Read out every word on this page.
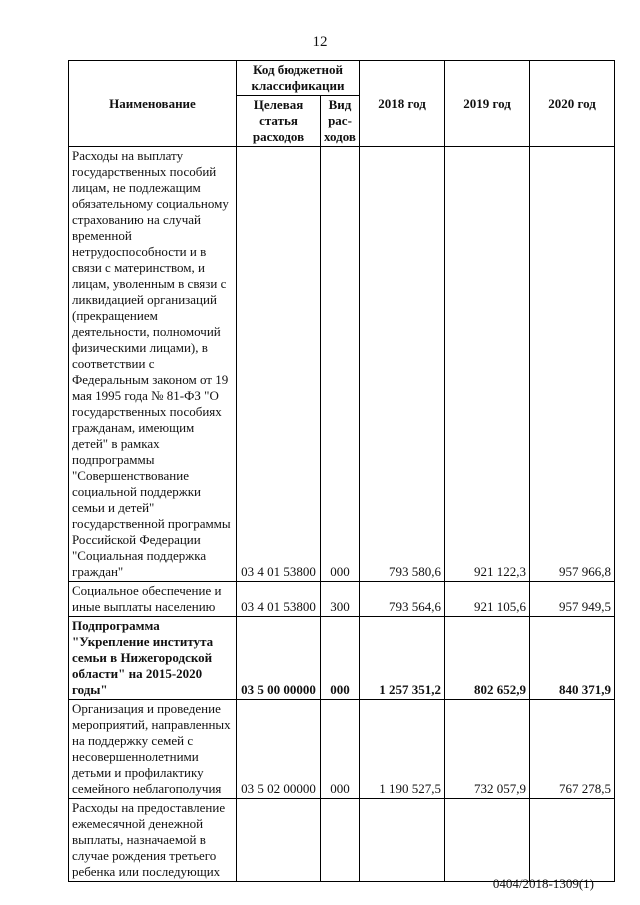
12
Наименование	Код бюджетной классификации		2018 год	2019 год	2020 год
	Целевая статья расходов	Вид рас-ходов			

Расходы на выплату государственных пособий лицам, не подлежащим обязательному социальному страхованию на случай временной нетрудоспособности и в связи с материнством, и лицам, уволенным в связи с ликвидацией организаций (прекращением деятельности, полномочий физическими лицами), в соответствии с Федеральным законом от 19 мая 1995 года № 81-ФЗ "О государственных пособиях гражданам, имеющим детей" в рамках подпрограммы "Совершенствование социальной поддержки семьи и детей" государственной программы Российской Федерации "Социальная поддержка граждан"	03 4 01 53800	000	793 580,6	921 122,3	957 966,8

Социальное обеспечение и иные выплаты населению	03 4 01 53800	300	793 564,6	921 105,6	957 949,5

Подпрограмма "Укрепление института семьи в Нижегородской области" на 2015-2020 годы"	03 5 00 00000	000	1 257 351,2	802 652,9	840 371,9

Организация и проведение мероприятий, направленных на поддержку семей с несовершеннолетними детьми и профилактику семейного неблагополучия	03 5 02 00000	000	1 190 527,5	732 057,9	767 278,5

Расходы на предоставление ежемесячной денежной выплаты, назначаемой в случае рождения третьего ребенка или последующих					

0404/2018-1309(1)
